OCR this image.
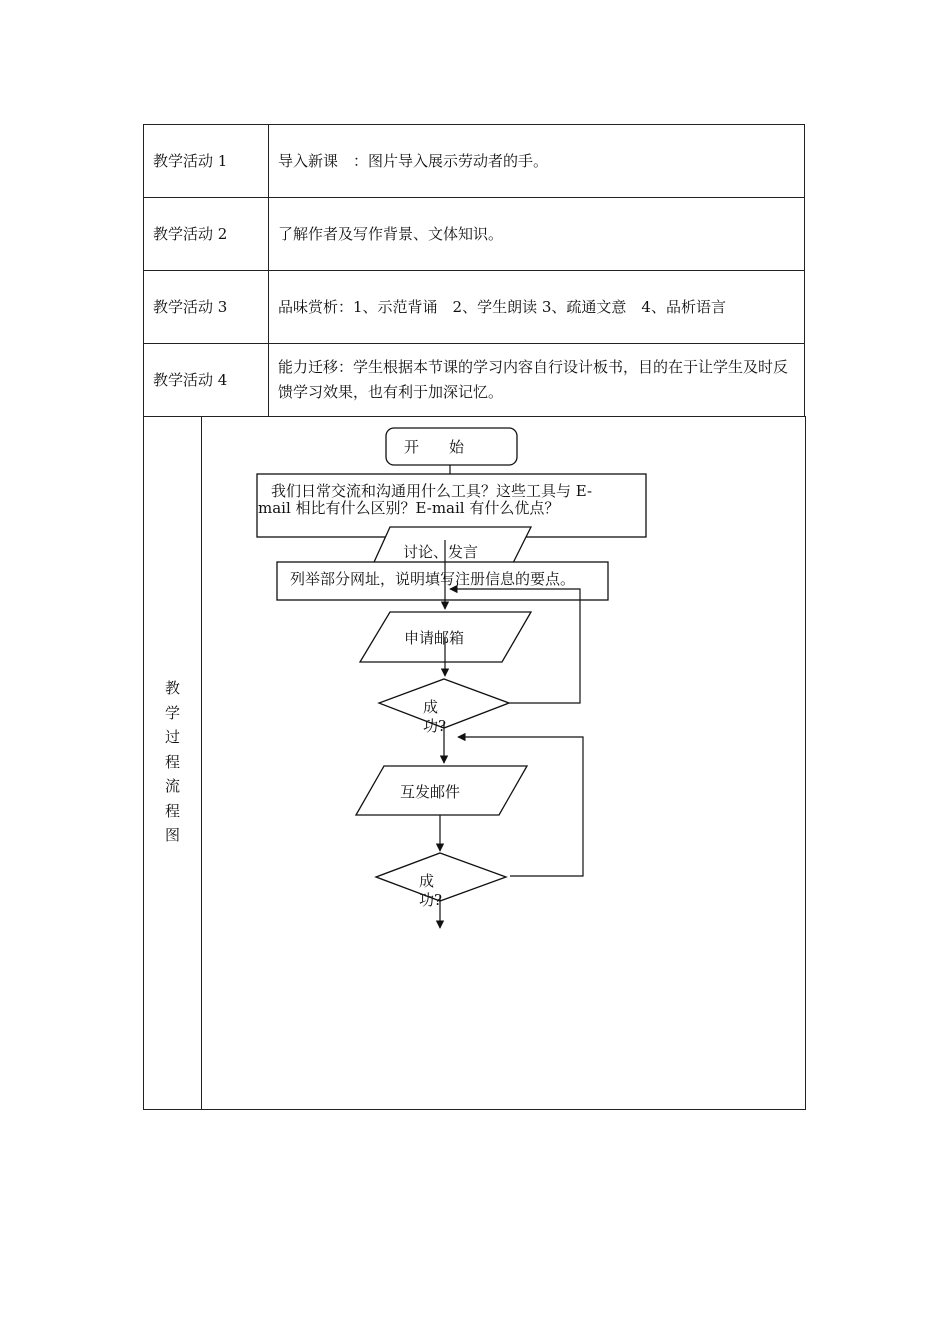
教学活动 1	导入新课　：图片导入展示劳动者的手。
教学活动 2	了解作者及写作背景、文体知识。
教学活动 3	品味赏析：1、示范背诵　2、学生朗读 3、疏通文意　4、品析语言
教学活动 4	能力迁移：学生根据本节课的学习内容自行设计板书，目的在于让学生及时反馈学习效果，也有利于加深记忆。
教学过程流程图
开　　始
我们日常交流和沟通用什么工具？这些工具与 E-
mail 相比有什么区别？E-mail 有什么优点？
讨论、发言
列举部分网址，说明填写注册信息的要点。
申请邮箱
成
功?
互发邮件
成
功?
